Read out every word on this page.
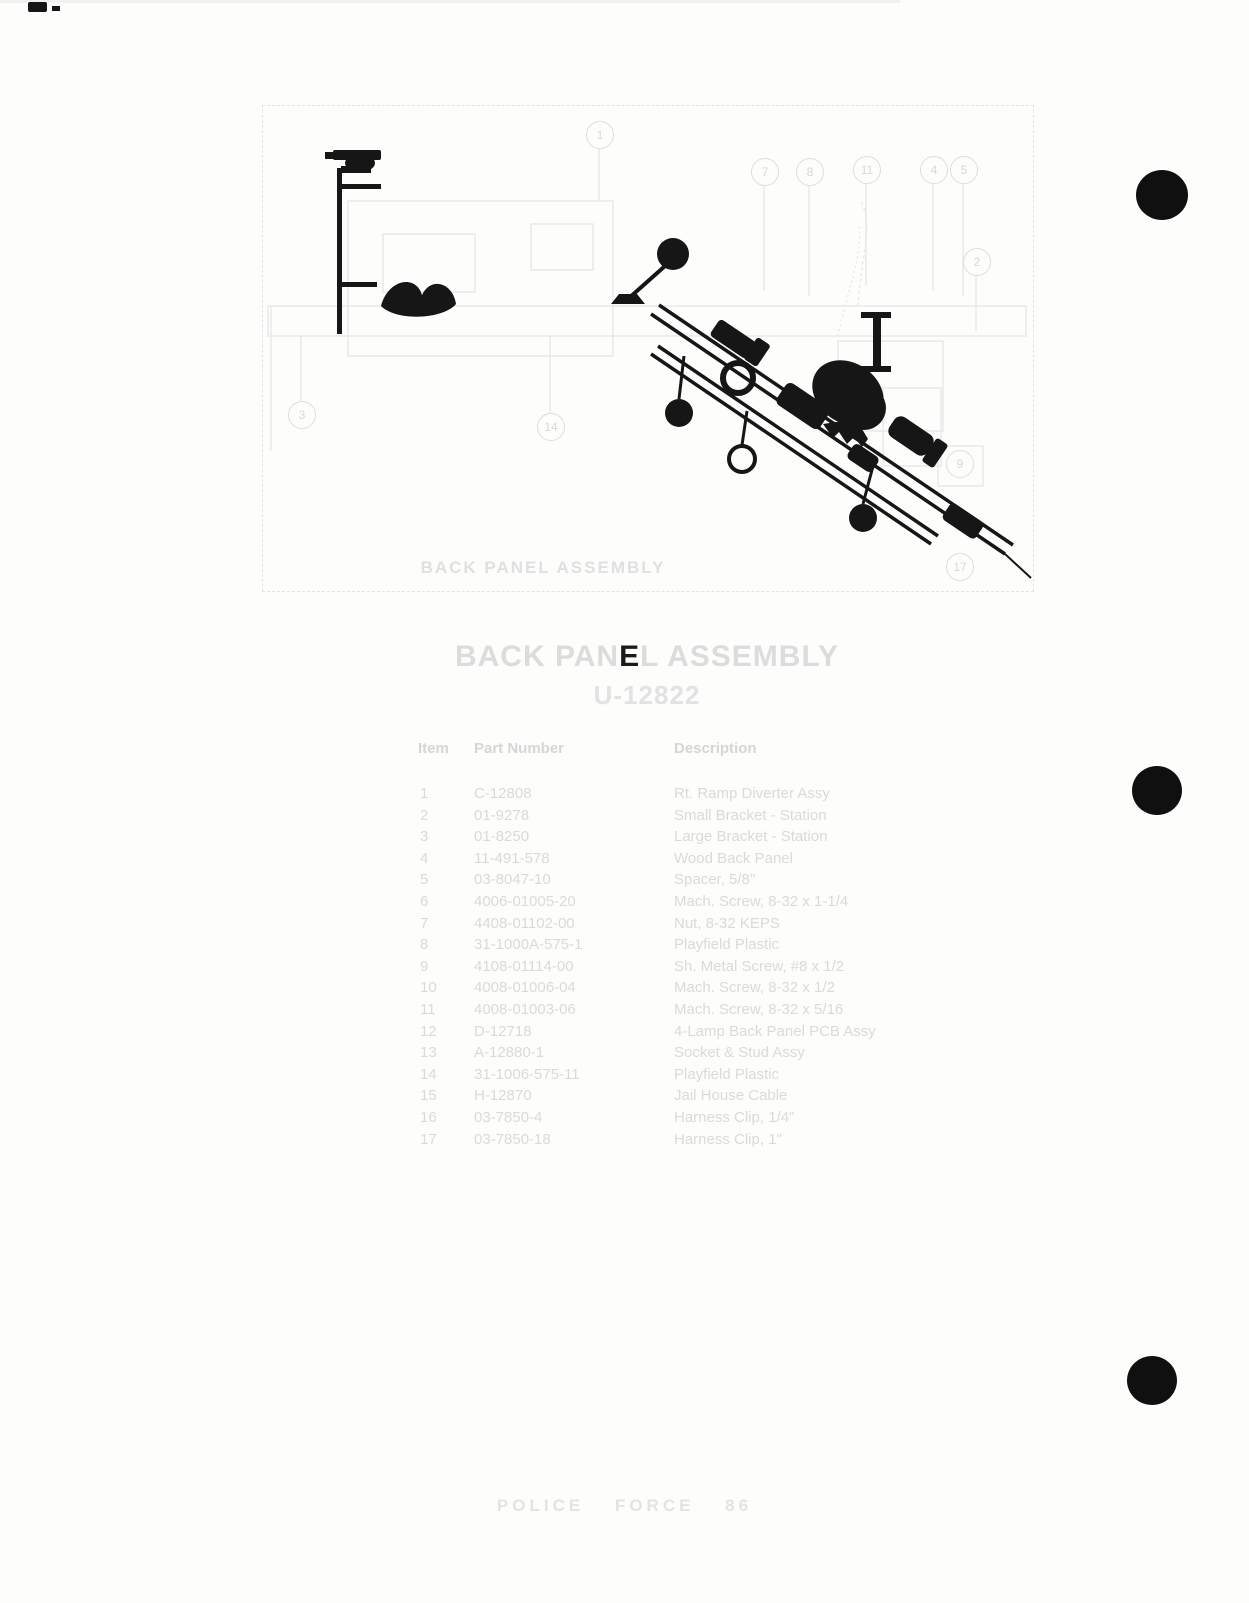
1
7	8	11	4	5
2
3
14
9
17
BACK PANEL ASSEMBLY
BACK PANEL ASSEMBLY
U-12822
Item	Part Number	Description
1	C-12808	Rt. Ramp Diverter Assy
2	01-9278	Small Bracket - Station
3	01-8250	Large Bracket - Station
4	11-491-578	Wood Back Panel
5	03-8047-10	Spacer, 5/8"
6	4006-01005-20	Mach. Screw, 8-32 x 1-1/4
7	4408-01102-00	Nut, 8-32 KEPS
8	31-1000A-575-1	Playfield Plastic
9	4108-01114-00	Sh. Metal Screw, #8 x 1/2
10	4008-01006-04	Mach. Screw, 8-32 x 1/2
11	4008-01003-06	Mach. Screw, 8-32 x 5/16
12	D-12718	4-Lamp Back Panel PCB Assy
13	A-12880-1	Socket & Stud Assy
14	31-1006-575-11	Playfield Plastic
15	H-12870	Jail House Cable
16	03-7850-4	Harness Clip, 1/4"
17	03-7850-18	Harness Clip, 1"
POLICE FORCE 86
